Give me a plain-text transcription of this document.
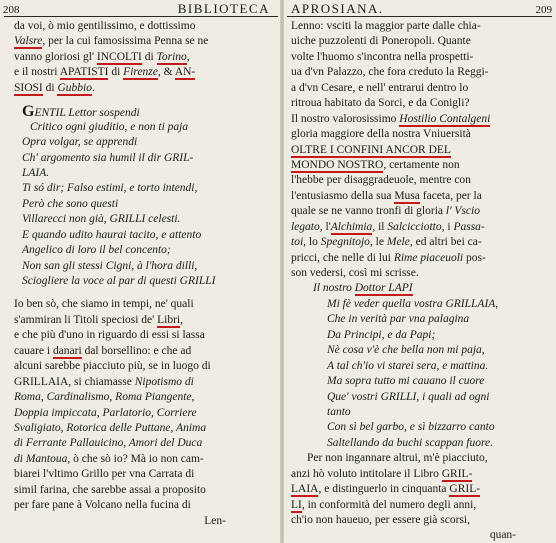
208	BIBLIOTECA
da voi, ò mio gentilissimo, e dottissimo
Valsre, per la cui famosissima Penna se ne
vanno gloriosi gl' INCOLTI di Torino,
e il nostri APATISTI di Firenze, & AN-
SIOSI di Gubbio.
GENTIL Lettor sospendi
Critico ogni giuditio, e non ti paja
Opra volgar, se apprendi
Ch' argomento sia humil il dir GRIL-
LAIA.
Ti só dir; Falso estimi, e torto intendi,
Però che sono questi
Villarecci non già, GRILLI celesti.
E quando udito haurai tacito, e attento
Angelico di loro il bel concento;
Non san gli stessi Cigni, à l'hora dilli,
Sciogliere la voce al par di questi GRILLI
Io ben sò, che siamo in tempi, ne' quali
s'ammiran li Titoli speciosi de' Libri,
e che più d'uno in riguardo di essi si lassa
cauare i danari dal borsellino: e che ad
alcuni sarebbe piacciuto più, se in luogo di
GRILLAIA, si chiamasse Nipotismo di
Roma, Cardinalismo, Roma Piangente,
Doppia impiccata, Parlatorio, Corriere
Svaligiato, Rotorica delle Puttane, Anima
di Ferrante Pallauicino, Amori del Duca
di Mantoua, ò che sò io? Mà io non cam-
biarei l'vltimo Grillo per vna Carrata di
simil farina, che sarebbe assai a proposito
per fare pane à Volcano nella fucina di
Len-
APROSIANA.	209
Lenno: vsciti la maggior parte dalle chia-
uiche puzzolenti di Poneropoli. Quante
volte l'huomo s'incontra nella prospetti-
ua d'vn Palazzo, che fora creduto la Reggi-
a d'vn Cesare, e nell' entrarui dentro lo
ritroua habitato da Sorci, e da Conigli?
Il nostro valorosissimo Hostilio Contalgeni
gloria maggiore della nostra Vniuersità
OLTRE I CONFINI ANCOR DEL
MONDO NOSTRO, certamente non
l'hebbe per disaggradeuole, mentre con
l'entusiasmo della sua Musa faceta, per la
quale se ne vanno tronfi di gloria l' Vscio
legato, l'Alchimia, il Salcicciotto, i Passa-
toi, lo Spegnitojo, le Mele, ed altri bei ca-
pricci, che nelle di lui Rime piaceuoli pos-
son vedersi, così mi scrisse.
Il nostro Dottor LAPI
Mi fè veder quella vostra GRILLAIA,
Che in verità par vna palagina
Da Principi, e da Papi;
Nè cosa v'è che bella non mi paja,
A tal ch'io vi starei sera, e mattina.
Ma sopra tutto mi cauano il cuore
Que' vostri GRILLI, i quali ad ogni
tanto
Con sì bel garbo, e sì bizzarro canto
Saltellando da buchi scappan fuore.
Per non ingannare altrui, m'è piacciuto,
anzi hò voluto intitolare il Libro GRIL-
LAIA, e distinguerlo in cinquanta GRIL-
LI, in conformità del numero degli anni,
ch'io non haueuo, per essere già scorsi,
quan-
